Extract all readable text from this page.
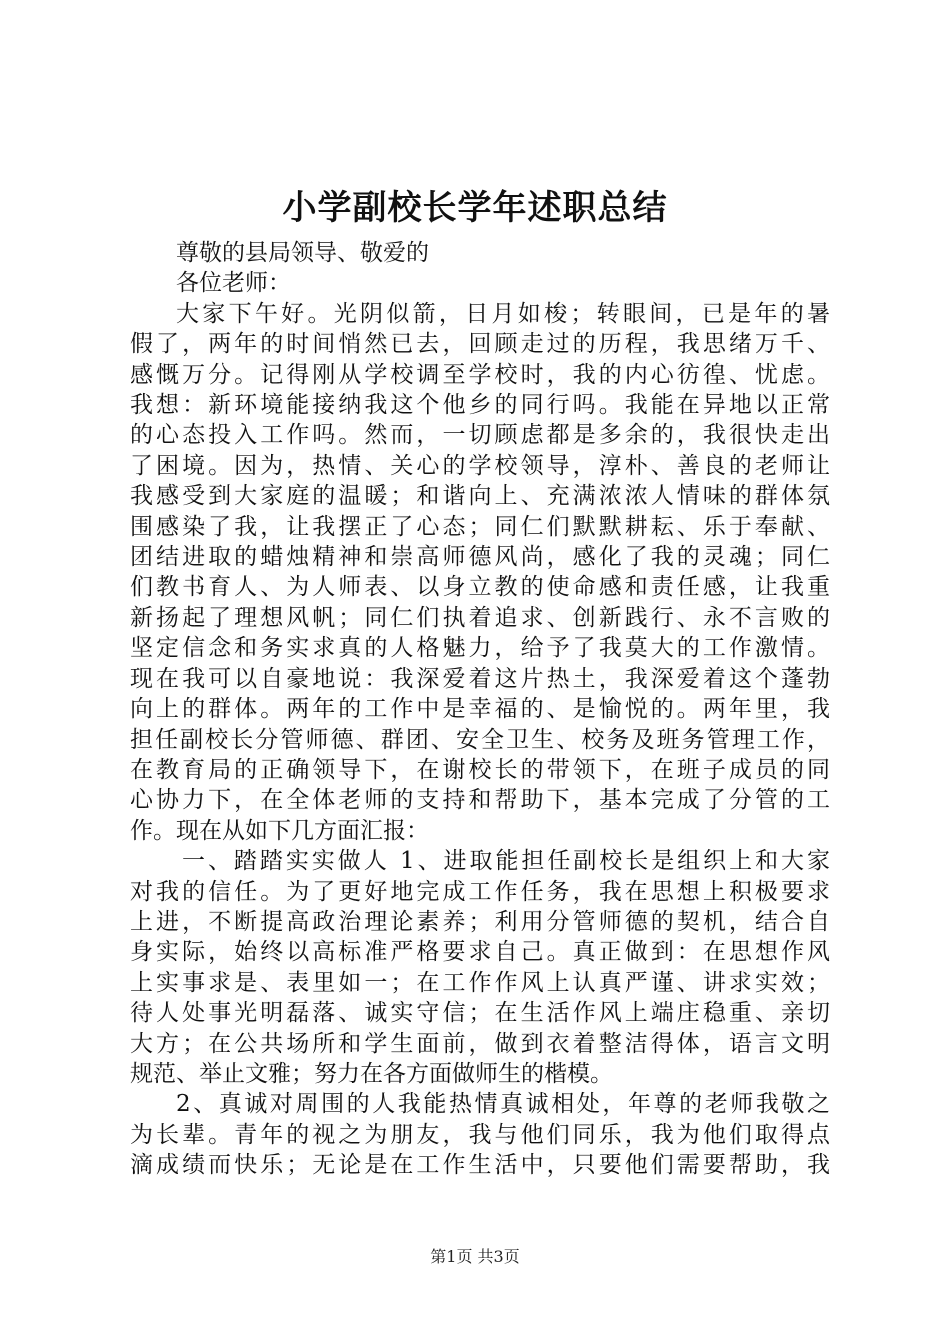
小学副校长学年述职总结

尊敬的县局领导、敬爱的

各位老师：

大家下午好。光阴似箭，日月如梭；转眼间，已是年的暑

假了，两年的时间悄然已去，回顾走过的历程，我思绪万千、

感慨万分。记得刚从学校调至学校时，我的内心彷徨、忧虑。

我想：新环境能接纳我这个他乡的同行吗。我能在异地以正常

的心态投入工作吗。然而，一切顾虑都是多余的，我很快走出

了困境。因为，热情、关心的学校领导，淳朴、善良的老师让

我感受到大家庭的温暖；和谐向上、充满浓浓人情味的群体氛

围感染了我，让我摆正了心态；同仁们默默耕耘、乐于奉献、

团结进取的蜡烛精神和崇高师德风尚，感化了我的灵魂；同仁

们教书育人、为人师表、以身立教的使命感和责任感，让我重

新扬起了理想风帆；同仁们执着追求、创新践行、永不言败的

坚定信念和务实求真的人格魅力，给予了我莫大的工作激情。

现在我可以自豪地说：我深爱着这片热土，我深爱着这个蓬勃

向上的群体。两年的工作中是幸福的、是愉悦的。两年里，我

担任副校长分管师德、群团、安全卫生、校务及班务管理工作，

在教育局的正确领导下，在谢校长的带领下，在班子成员的同

心协力下，在全体老师的支持和帮助下，基本完成了分管的工

作。现在从如下几方面汇报：

一、踏踏实实做人 1、进取能担任副校长是组织上和大家

对我的信任。为了更好地完成工作任务，我在思想上积极要求

上进，不断提高政治理论素养；利用分管师德的契机，结合自

身实际，始终以高标准严格要求自己。真正做到：在思想作风

上实事求是、表里如一；在工作作风上认真严谨、讲求实效；

待人处事光明磊落、诚实守信；在生活作风上端庄稳重、亲切

大方；在公共场所和学生面前，做到衣着整洁得体，语言文明

规范、举止文雅；努力在各方面做师生的楷模。

2、真诚对周围的人我能热情真诚相处，年尊的老师我敬之

为长辈。青年的视之为朋友，我与他们同乐，我为他们取得点

滴成绩而快乐；无论是在工作生活中，只要他们需要帮助，我

第1页 共3页
